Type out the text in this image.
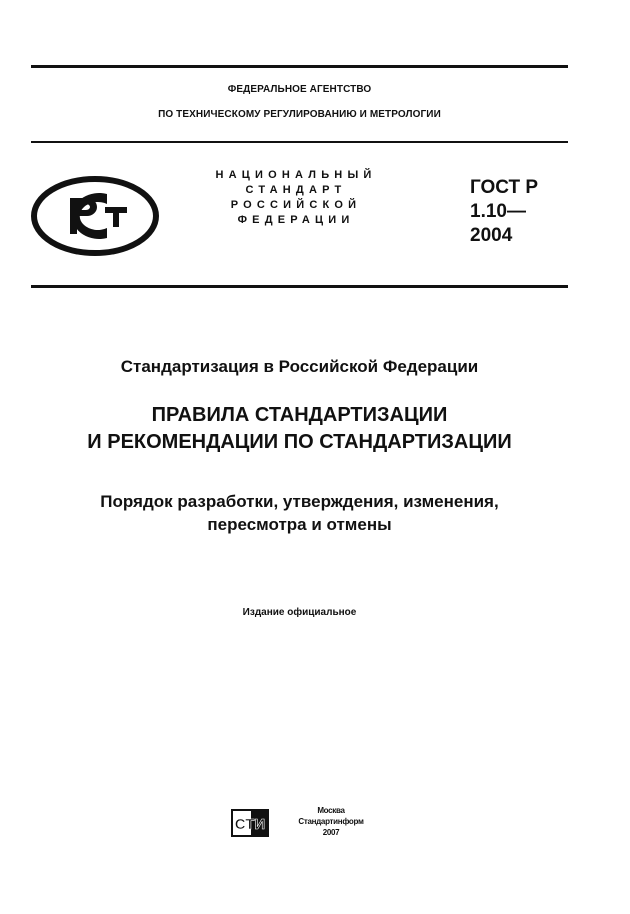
ФЕДЕРАЛЬНОЕ АГЕНТСТВО
ПО ТЕХНИЧЕСКОМУ РЕГУЛИРОВАНИЮ И МЕТРОЛОГИИ
НАЦИОНАЛЬНЫЙ
СТАНДАРТ
РОССИЙСКОЙ
ФЕДЕРАЦИИ
ГОСТ Р
1.10—
2004
Стандартизация в Российской Федерации
ПРАВИЛА СТАНДАРТИЗАЦИИ
И РЕКОМЕНДАЦИИ ПО СТАНДАРТИЗАЦИИ
Порядок разработки, утверждения, изменения,
пересмотра и отмены
Издание официальное
СТИ
Москва
Стандартинформ
2007
